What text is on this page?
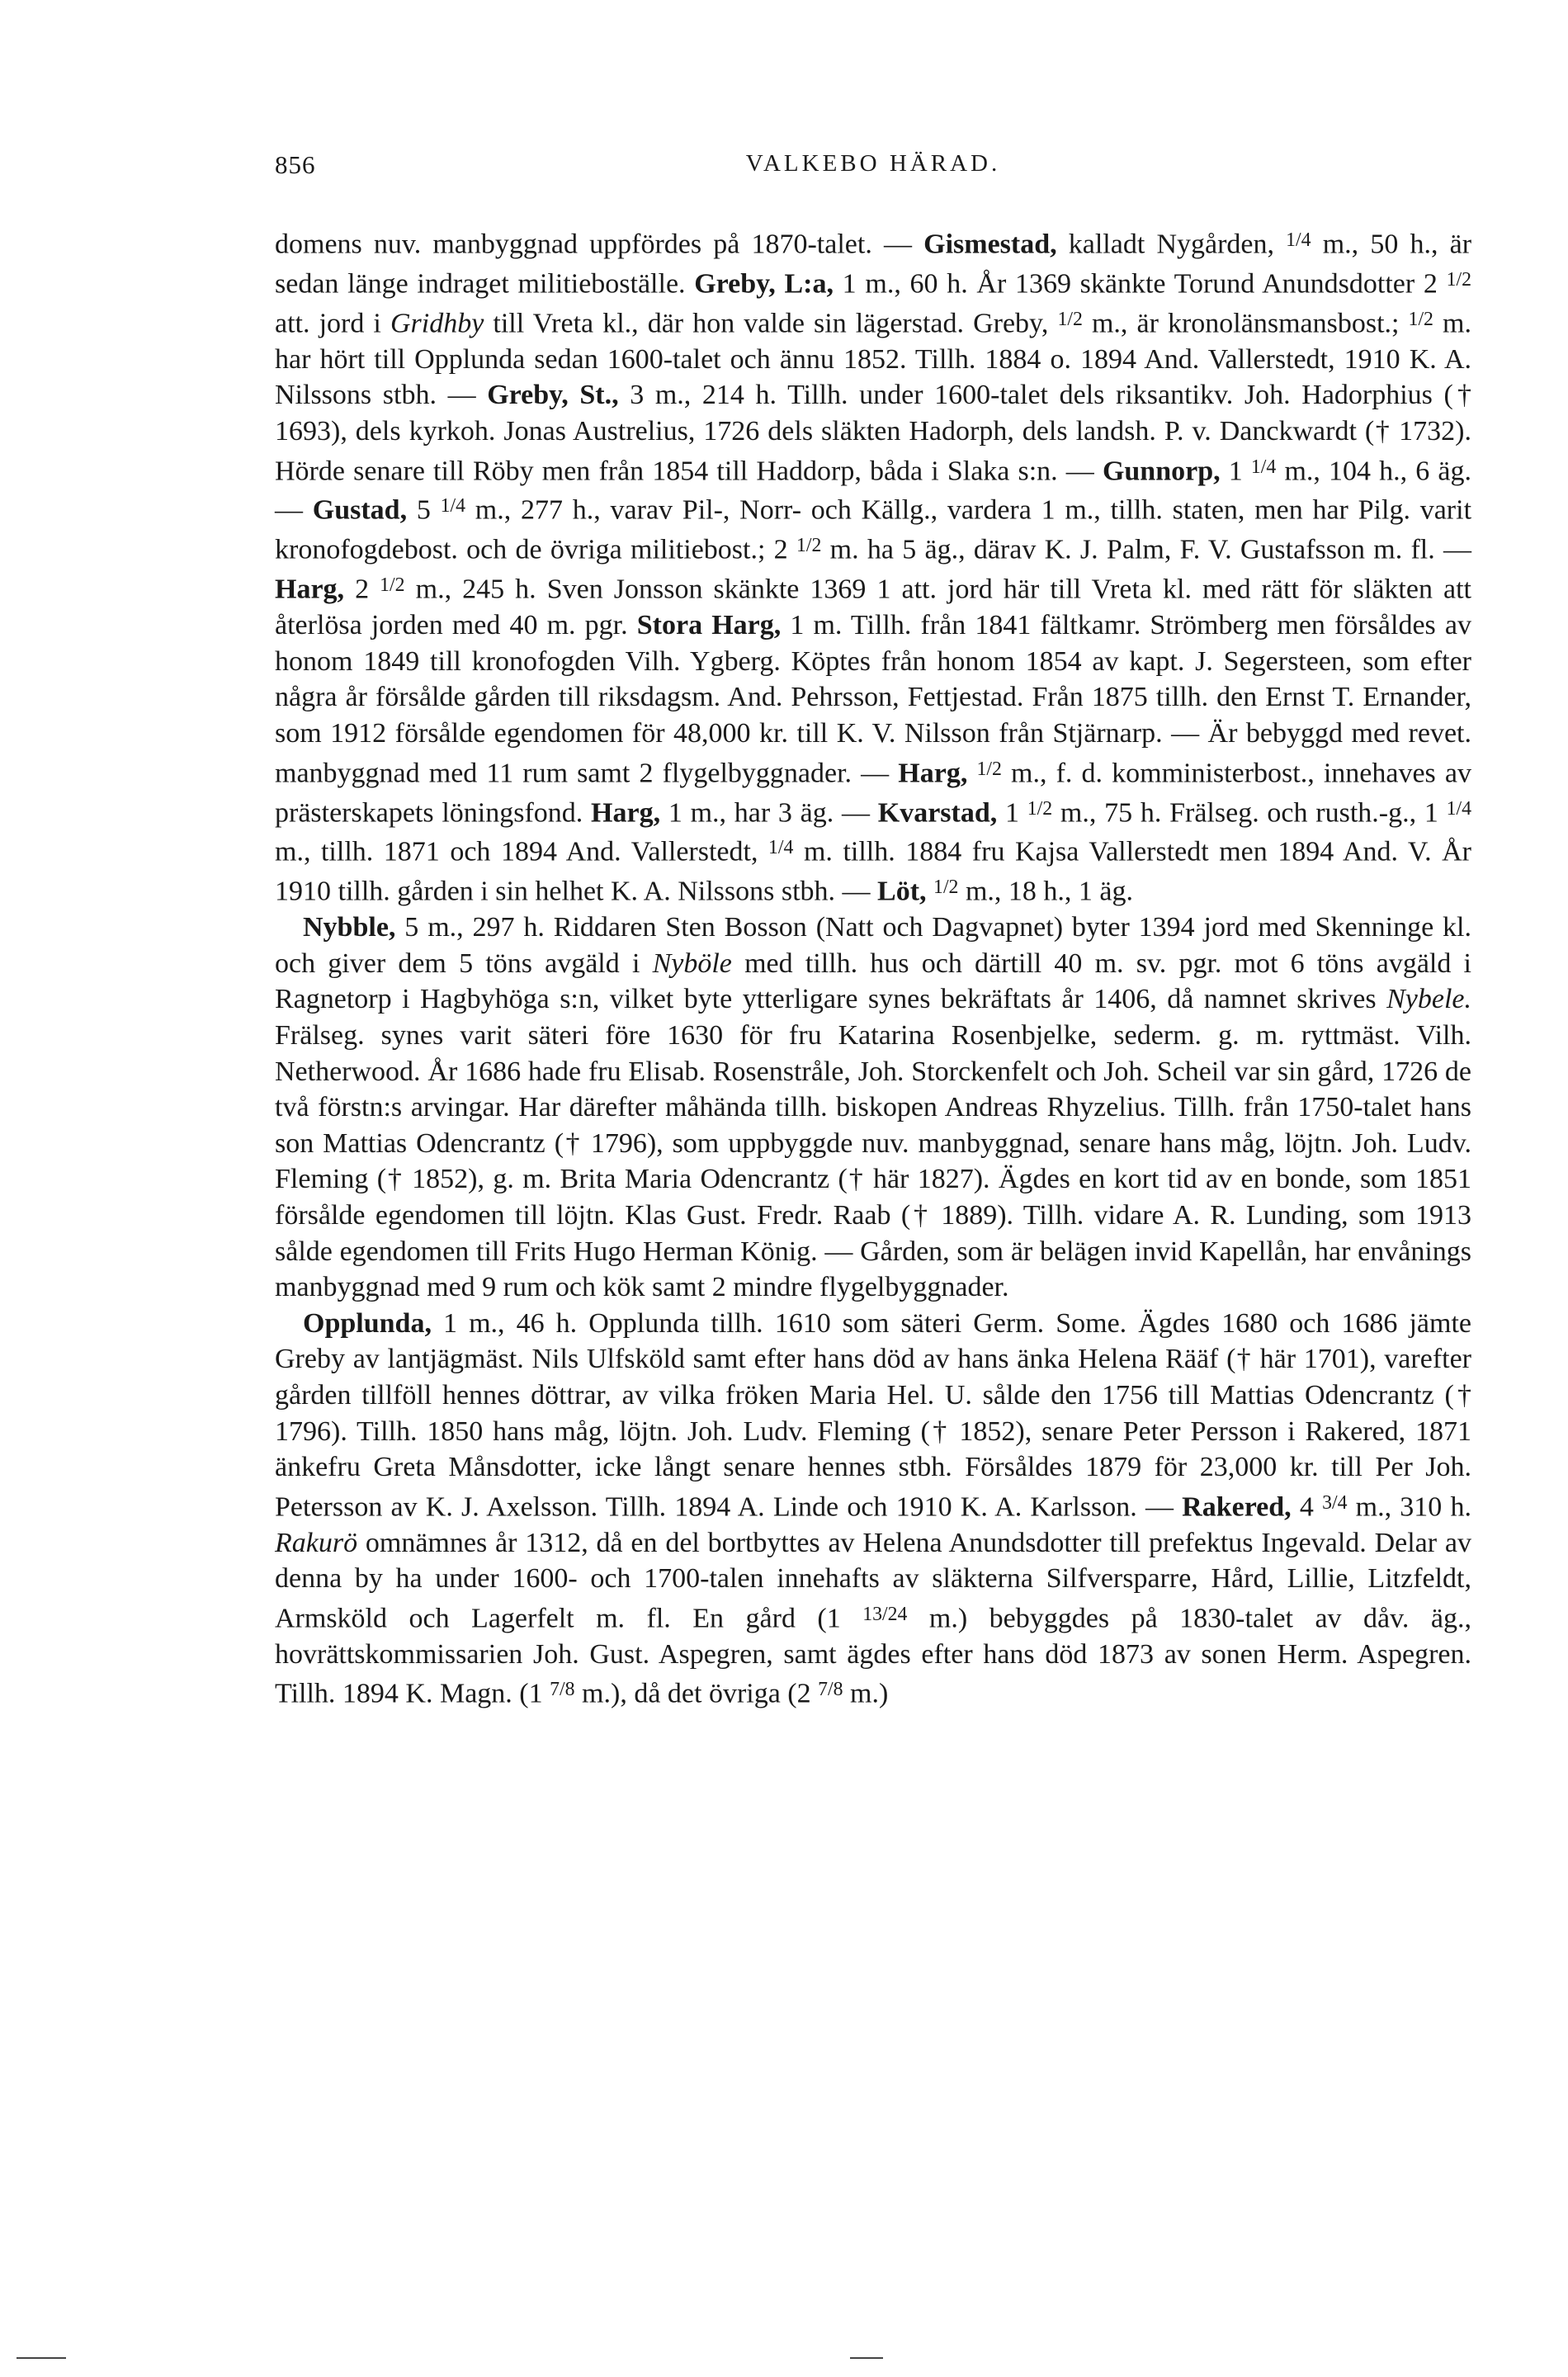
856	VALKEBO HÄRAD.

domens nuv. manbyggnad uppfördes på 1870-talet. — Gismestad, kalladt Nygården, $^{1/4}$ m., 50 h., är sedan länge indraget militieboställe. Greby, L:a, 1 m., 60 h. År 1369 skänkte Torund Anundsdotter 2 $^{1/2}$ att. jord i Gridhby till Vreta kl., där hon valde sin lägerstad. Greby, $^{1/2}$ m., är kronolänsmansbost.; $^{1/2}$ m. har hört till Opplunda sedan 1600-talet och ännu 1852. Tillh. 1884 o. 1894 And. Vallerstedt, 1910 K. A. Nilssons stbh. — Greby, St., 3 m., 214 h. Tillh. under 1600-talet dels riksantikv. Joh. Hadorphius († 1693), dels kyrkoh. Jonas Austrelius, 1726 dels släkten Hadorph, dels landsh. P. v. Danckwardt († 1732). Hörde senare till Röby men från 1854 till Haddorp, båda i Slaka s:n. — Gunnorp, 1 $^{1/4}$ m., 104 h., 6 äg. — Gustad, 5 $^{1/4}$ m., 277 h., varav Pil-, Norr- och Källg., vardera 1 m., tillh. staten, men har Pilg. varit kronofogdebost. och de övriga militiebost.; 2 $^{1/2}$ m. ha 5 äg., därav K. J. Palm, F. V. Gustafsson m. fl. — Harg, 2 $^{1/2}$ m., 245 h. Sven Jonsson skänkte 1369 1 att. jord här till Vreta kl. med rätt för släkten att återlösa jorden med 40 m. pgr. Stora Harg, 1 m. Tillh. från 1841 fältkamr. Strömberg men försåldes av honom 1849 till kronofogden Vilh. Ygberg. Köptes från honom 1854 av kapt. J. Segersteen, som efter några år försålde gården till riksdagsm. And. Pehrsson, Fettjestad. Från 1875 tillh. den Ernst T. Ernander, som 1912 försålde egendomen för 48,000 kr. till K. V. Nilsson från Stjärnarp. — Är bebyggd med revet. manbyggnad med 11 rum samt 2 flygelbyggnader. — Harg, $^{1/2}$ m., f. d. komministerbost., innehaves av prästerskapets löningsfond. Harg, 1 m., har 3 äg. — Kvarstad, 1 $^{1/2}$ m., 75 h. Frälseg. och rusth.-g., 1 $^{1/4}$ m., tillh. 1871 och 1894 And. Vallerstedt, $^{1/4}$ m. tillh. 1884 fru Kajsa Vallerstedt men 1894 And. V. År 1910 tillh. gården i sin helhet K. A. Nilssons stbh. — Löt, $^{1/2}$ m., 18 h., 1 äg.

Nybble, 5 m., 297 h. Riddaren Sten Bosson (Natt och Dagvapnet) byter 1394 jord med Skenninge kl. och giver dem 5 töns avgäld i Nyböle med tillh. hus och därtill 40 m. sv. pgr. mot 6 töns avgäld i Ragnetorp i Hagbyhöga s:n, vilket byte ytterligare synes bekräftats år 1406, då namnet skrives Nybele. Frälseg. synes varit säteri före 1630 för fru Katarina Rosenbjelke, sederm. g. m. ryttmäst. Vilh. Netherwood. År 1686 hade fru Elisab. Rosenstråle, Joh. Storckenfelt och Joh. Scheil var sin gård, 1726 de två förstn:s arvingar. Har därefter måhända tillh. biskopen Andreas Rhyzelius. Tillh. från 1750-talet hans son Mattias Odencrantz († 1796), som uppbyggde nuv. manbyggnad, senare hans måg, löjtn. Joh. Ludv. Fleming († 1852), g. m. Brita Maria Odencrantz († här 1827). Ägdes en kort tid av en bonde, som 1851 försålde egendomen till löjtn. Klas Gust. Fredr. Raab († 1889). Tillh. vidare A. R. Lunding, som 1913 sålde egendomen till Frits Hugo Herman König. — Gården, som är belägen invid Kapellån, har envånings manbyggnad med 9 rum och kök samt 2 mindre flygelbyggnader.

Opplunda, 1 m., 46 h. Opplunda tillh. 1610 som säteri Germ. Some. Ägdes 1680 och 1686 jämte Greby av lantjägmäst. Nils Ulfsköld samt efter hans död av hans änka Helena Rääf († här 1701), varefter gården tillföll hennes döttrar, av vilka fröken Maria Hel. U. sålde den 1756 till Mattias Odencrantz († 1796). Tillh. 1850 hans måg, löjtn. Joh. Ludv. Fleming († 1852), senare Peter Persson i Rakered, 1871 änkefru Greta Månsdotter, icke långt senare hennes stbh. Försåldes 1879 för 23,000 kr. till Per Joh. Petersson av K. J. Axelsson. Tillh. 1894 A. Linde och 1910 K. A. Karlsson. — Rakered, 4 $^{3/4}$ m., 310 h. Rakurö omnämnes år 1312, då en del bortbyttes av Helena Anundsdotter till prefektus Ingevald. Delar av denna by ha under 1600- och 1700-talen innehafts av släkterna Silfversparre, Hård, Lillie, Litzfeldt, Armsköld och Lagerfelt m. fl. En gård (1 $^{13/24}$ m.) bebyggdes på 1830-talet av dåv. äg., hovrättskommissarien Joh. Gust. Aspegren, samt ägdes efter hans död 1873 av sonen Herm. Aspegren. Tillh. 1894 K. Magn. (1 $^{7/8}$ m.), då det övriga (2 $^{7/8}$ m.)
